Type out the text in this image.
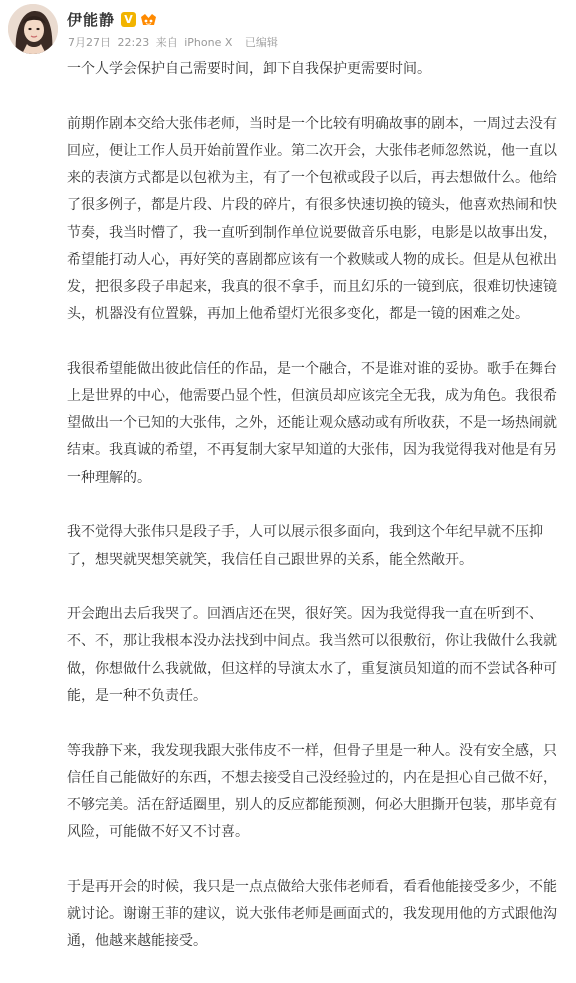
伊能静 V
7月27日 22:23 来自 iPhone X 已编辑

一个人学会保护自己需要时间，卸下自我保护更需要时间。

前期作剧本交给大张伟老师，当时是一个比较有明确故事的剧本，一周过去没有回应，便让工作人员开始前置作业。第二次开会，大张伟老师忽然说，他一直以来的表演方式都是以包袱为主，有了一个包袱或段子以后，再去想做什么。他给了很多例子，都是片段、片段的碎片，有很多快速切换的镜头，他喜欢热闹和快节奏，我当时懵了，我一直听到制作单位说要做音乐电影，电影是以故事出发，希望能打动人心，再好笑的喜剧都应该有一个救赎或人物的成长。但是从包袱出发，把很多段子串起来，我真的很不拿手，而且幻乐的一镜到底，很难切快速镜头，机器没有位置躲，再加上他希望灯光很多变化，都是一镜的困难之处。

我很希望能做出彼此信任的作品，是一个融合，不是谁对谁的妥协。歌手在舞台上是世界的中心，他需要凸显个性，但演员却应该完全无我，成为角色。我很希望做出一个已知的大张伟，之外，还能让观众感动或有所收获，不是一场热闹就结束。我真诚的希望，不再复制大家早知道的大张伟，因为我觉得我对他是有另一种理解的。

我不觉得大张伟只是段子手，人可以展示很多面向，我到这个年纪早就不压抑了，想哭就哭想笑就笑，我信任自己跟世界的关系，能全然敞开。

开会跑出去后我哭了。回酒店还在哭，很好笑。因为我觉得我一直在听到不、不、不，那让我根本没办法找到中间点。我当然可以很敷衍，你让我做什么我就做，你想做什么我就做，但这样的导演太水了，重复演员知道的而不尝试各种可能，是一种不负责任。

等我静下来，我发现我跟大张伟皮不一样，但骨子里是一种人。没有安全感，只信任自己能做好的东西，不想去接受自己没经验过的，内在是担心自己做不好，不够完美。活在舒适圈里，别人的反应都能预测，何必大胆撕开包装，那毕竟有风险，可能做不好又不讨喜。

于是再开会的时候，我只是一点点做给大张伟老师看，看看他能接受多少，不能就讨论。谢谢王菲的建议，说大张伟老师是画面式的，我发现用他的方式跟他沟通，他越来越能接受。
